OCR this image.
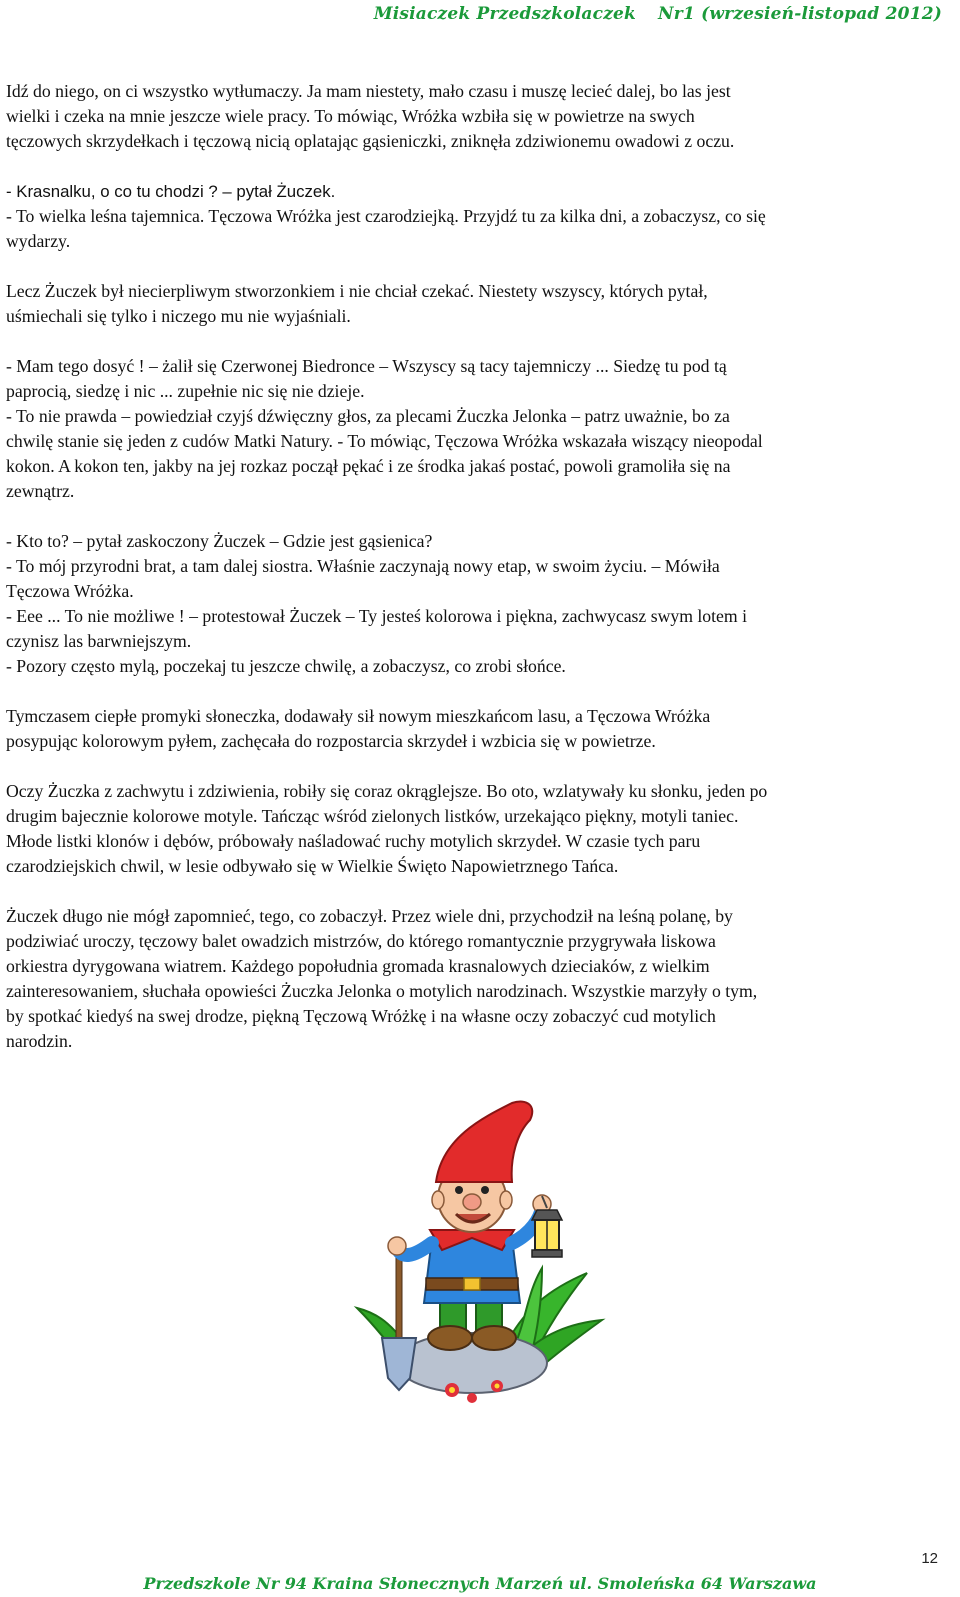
Misiaczek Przedszkolaczek Nr1 (wrzesień-listopad 2012)

Idź do niego, on ci wszystko wytłumaczy. Ja mam niestety, mało czasu i muszę lecieć dalej, bo las jest

wielki i czeka na mnie jeszcze wiele pracy. To mówiąc, Wróżka wzbiła się w powietrze na swych

tęczowych skrzydełkach i tęczową nicią oplatając gąsieniczki, zniknęła zdziwionemu owadowi z oczu.

- Krasnalku, o co tu chodzi ? – pytał Żuczek.

- To wielka leśna tajemnica. Tęczowa Wróżka jest czarodziejką. Przyjdź tu za kilka dni, a zobaczysz, co się

wydarzy.

Lecz Żuczek był niecierpliwym stworzonkiem i nie chciał czekać. Niestety wszyscy, których pytał,

uśmiechali się tylko i niczego mu nie wyjaśniali.

- Mam tego dosyć ! – żalił się Czerwonej Biedronce – Wszyscy są tacy tajemniczy ... Siedzę tu pod tą

paprocią, siedzę i nic ... zupełnie nic się nie dzieje.

- To nie prawda – powiedział czyjś dźwięczny głos, za plecami Żuczka Jelonka – patrz uważnie, bo za

chwilę stanie się jeden z cudów Matki Natury. - To mówiąc, Tęczowa Wróżka wskazała wiszący nieopodal

kokon. A kokon ten, jakby na jej rozkaz począł pękać i ze środka jakaś postać, powoli gramoliła się na

zewnątrz.

- Kto to? – pytał zaskoczony Żuczek – Gdzie jest gąsienica?

- To mój przyrodni brat, a tam dalej siostra. Właśnie zaczynają nowy etap, w swoim życiu. – Mówiła

Tęczowa Wróżka.

- Eee ... To nie możliwe ! – protestował Żuczek – Ty jesteś kolorowa i piękna, zachwycasz swym lotem i

czynisz las barwniejszym.

- Pozory często mylą, poczekaj tu jeszcze chwilę, a zobaczysz, co zrobi słońce.

Tymczasem ciepłe promyki słoneczka, dodawały sił nowym mieszkańcom lasu, a Tęczowa Wróżka

posypując kolorowym pyłem, zachęcała do rozpostarcia skrzydeł i wzbicia się w powietrze.

Oczy Żuczka z zachwytu i zdziwienia, robiły się coraz okrąglejsze. Bo oto, wzlatywały ku słonku, jeden po

drugim bajecznie kolorowe motyle. Tańcząc wśród zielonych listków, urzekająco piękny, motyli taniec.

Młode listki klonów i dębów, próbowały naśladować ruchy motylich skrzydeł. W czasie tych paru

czarodziejskich chwil, w lesie odbywało się w Wielkie Święto Napowietrznego Tańca.

Żuczek długo nie mógł zapomnieć, tego, co zobaczył. Przez wiele dni, przychodził na leśną polanę, by

podziwiać uroczy, tęczowy balet owadzich mistrzów, do którego romantycznie przygrywała liskowa

orkiestra dyrygowana wiatrem. Każdego popołudnia gromada krasnalowych dzieciaków, z wielkim

zainteresowaniem, słuchała opowieści Żuczka Jelonka o motylich narodzinach. Wszystkie marzyły o tym,

by spotkać kiedyś na swej drodze, piękną Tęczową Wróżkę i na własne oczy zobaczyć cud motylich

narodzin.

12
Przedszkole Nr 94 Kraina Słonecznych Marzeń ul. Smoleńska 64 Warszawa
